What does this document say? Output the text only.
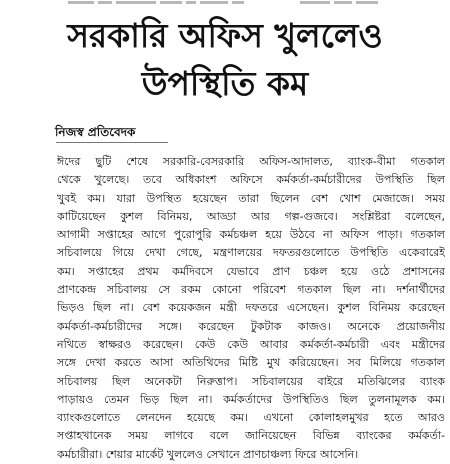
সরকারি অফিস খুললেও
উপস্থিতি কম
নিজস্ব প্রতিবেদক
ঈদের ছুটি শেষে সরকারি-বেসরকারি অফিস-আদালত, ব্যাংক-বীমা গতকাল
থেকে খুলেছে। তবে অধিকাংশ অফিসে কর্মকর্তা-কর্মচারীদের উপস্থিতি ছিল
খুবই কম। যারা উপস্থিত হয়েছেন তারা ছিলেন বেশ খোশ মেজাজে। সময়
কাটিয়েছেন কুশল বিনিময়, আড্ডা আর গল্প-গুজবে। সংশ্লিষ্টরা বলেছেন,
আগামী সপ্তাহের আগে পুরোপুরি কর্মচঞ্চল হয়ে উঠবে না অফিস পাড়া। গতকাল
সচিবালয়ে গিয়ে দেখা গেছে, মন্ত্রণালয়ের দফতরগুলোতে উপস্থিতি একেবারেই
কম। সপ্তাহের প্রথম কর্মদিবসে যেভাবে প্রাণ চঞ্চল হয়ে ওঠে প্রশাসনের
প্রাণকেন্দ্র সচিবালয় সে রকম কোনো পরিবেশ গতকাল ছিল না। দর্শনার্থীদের
ভিড়ও ছিল না। বেশ কয়েকজন মন্ত্রী দফতরে এসেছেন। কুশল বিনিময় করেছেন
কর্মকর্তা-কর্মচারীদের সঙ্গে। করেছেন টুকটাক কাজও। অনেকে প্রয়োজনীয়
নথিতে স্বাক্ষরও করেছেন। কেউ কেউ আবার কর্মকর্তা-কর্মচারী এবং মন্ত্রীদের
সঙ্গে দেখা করতে আসা অতিথিদের মিষ্টি মুখ করিয়েছেন। সব মিলিয়ে গতকাল
সচিবালয় ছিল অনেকটা নিরুত্তাপ। সচিবালয়ের বাইরে মতিঝিলের ব্যাংক
পাড়ায়ও তেমন ভিড় ছিল না। কর্মকর্তাদের উপস্থিতিও ছিল তুলনামূলক কম।
ব্যাংকগুলোতে লেনদেন হয়েছে কম। এখনো কোলাহলমুখর হতে আরও
সপ্তাহখানেক সময় লাগবে বলে জানিয়েছেন বিভিন্ন ব্যাংকের কর্মকর্তা-
কর্মচারীরা। শেয়ার মার্কেট খুললেও সেখানে প্রাণচাঞ্চল্য ফিরে আসেনি।
